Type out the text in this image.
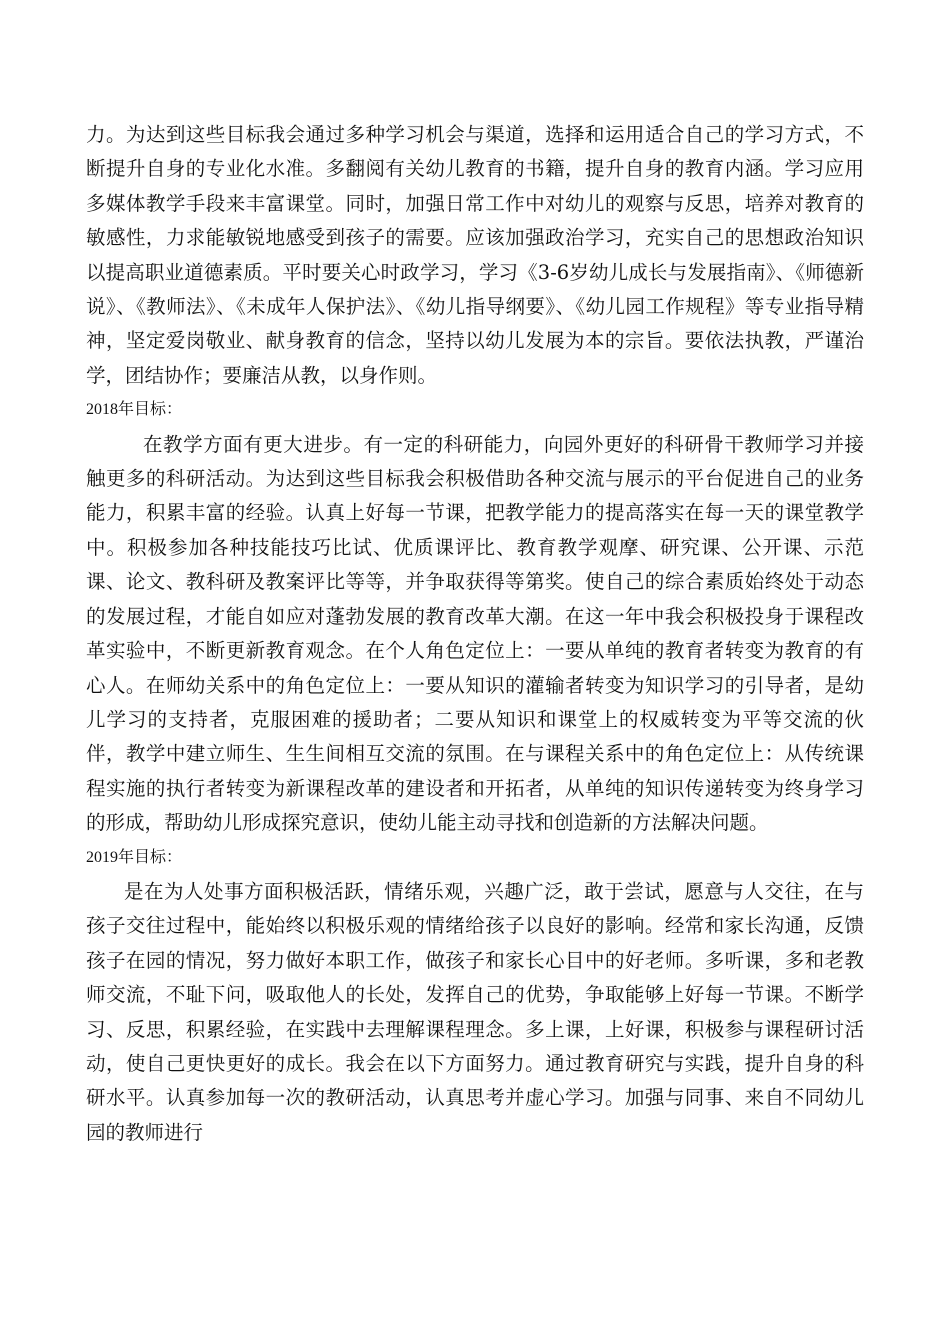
力。为达到这些目标我会通过多种学习机会与渠道，选择和运用适合自己的学习方式，不断提升自身的专业化水准。多翻阅有关幼儿教育的书籍，提升自身的教育内涵。学习应用多媒体教学手段来丰富课堂。同时，加强日常工作中对幼儿的观察与反思，培养对教育的敏感性，力求能敏锐地感受到孩子的需要。应该加强政治学习，充实自己的思想政治知识以提高职业道德素质。平时要关心时政学习，学习《3-6岁幼儿成长与发展指南》、《师德新说》、《教师法》、《未成年人保护法》、《幼儿指导纲要》、《幼儿园工作规程》等专业指导精神，坚定爱岗敬业、献身教育的信念，坚持以幼儿发展为本的宗旨。要依法执教，严谨治学，团结协作；要廉洁从教，以身作则。

2018年目标：

在教学方面有更大进步。有一定的科研能力，向园外更好的科研骨干教师学习并接触更多的科研活动。为达到这些目标我会积极借助各种交流与展示的平台促进自己的业务能力，积累丰富的经验。认真上好每一节课，把教学能力的提高落实在每一天的课堂教学中。积极参加各种技能技巧比试、优质课评比、教育教学观摩、研究课、公开课、示范课、论文、教科研及教案评比等等，并争取获得等第奖。使自己的综合素质始终处于动态的发展过程，才能自如应对蓬勃发展的教育改革大潮。在这一年中我会积极投身于课程改革实验中，不断更新教育观念。在个人角色定位上：一要从单纯的教育者转变为教育的有心人。在师幼关系中的角色定位上：一要从知识的灌输者转变为知识学习的引导者，是幼儿学习的支持者，克服困难的援助者；二要从知识和课堂上的权威转变为平等交流的伙伴，教学中建立师生、生生间相互交流的氛围。在与课程关系中的角色定位上：从传统课程实施的执行者转变为新课程改革的建设者和开拓者，从单纯的知识传递转变为终身学习的形成，帮助幼儿形成探究意识，使幼儿能主动寻找和创造新的方法解决问题。

2019年目标：

是在为人处事方面积极活跃，情绪乐观，兴趣广泛，敢于尝试，愿意与人交往，在与孩子交往过程中，能始终以积极乐观的情绪给孩子以良好的影响。经常和家长沟通，反馈孩子在园的情况，努力做好本职工作，做孩子和家长心目中的好老师。多听课，多和老教师交流，不耻下问，吸取他人的长处，发挥自己的优势，争取能够上好每一节课。不断学习、反思，积累经验，在实践中去理解课程理念。多上课，上好课，积极参与课程研讨活动，使自己更快更好的成长。我会在以下方面努力。通过教育研究与实践，提升自身的科研水平。认真参加每一次的教研活动，认真思考并虚心学习。加强与同事、来自不同幼儿园的教师进行
